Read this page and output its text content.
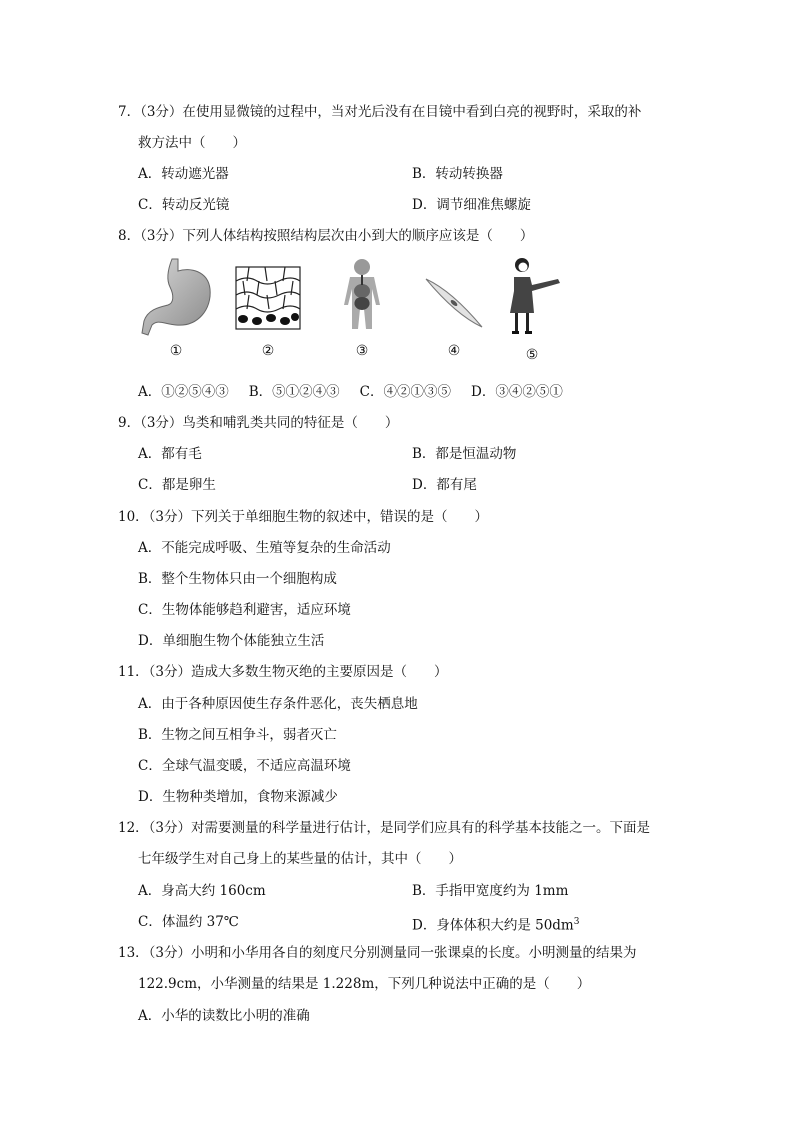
7．（3分）在使用显微镜的过程中，当对光后没有在目镜中看到白亮的视野时，采取的补
救方法中（　　）
A．转动遮光器	B．转动转换器
C．转动反光镜	D．调节细准焦螺旋
8．（3分）下列人体结构按照结构层次由小到大的顺序应该是（　　）
①	②	③	④	⑤
A．①②⑤④③ B．⑤①②④③ C．④②①③⑤ D．③④②⑤①
9．（3分）鸟类和哺乳类共同的特征是（　　）
A．都有毛	B．都是恒温动物
C．都是卵生	D．都有尾
10．（3分）下列关于单细胞生物的叙述中，错误的是（　　）
A．不能完成呼吸、生殖等复杂的生命活动
B．整个生物体只由一个细胞构成
C．生物体能够趋利避害，适应环境
D．单细胞生物个体能独立生活
11．（3分）造成大多数生物灭绝的主要原因是（　　）
A．由于各种原因使生存条件恶化，丧失栖息地
B．生物之间互相争斗，弱者灭亡
C．全球气温变暖，不适应高温环境
D．生物种类增加，食物来源减少
12．（3分）对需要测量的科学量进行估计，是同学们应具有的科学基本技能之一。下面是
七年级学生对自己身上的某些量的估计，其中（　　）
A．身高大约 160cm	B．手指甲宽度约为 1mm
C．体温约 37℃	D．身体体积大约是 $50dm^3$
13．（3分）小明和小华用各自的刻度尺分别测量同一张课桌的长度。小明测量的结果为
122.9cm，小华测量的结果是 1.228m，下列几种说法中正确的是（　　）
A．小华的读数比小明的准确
